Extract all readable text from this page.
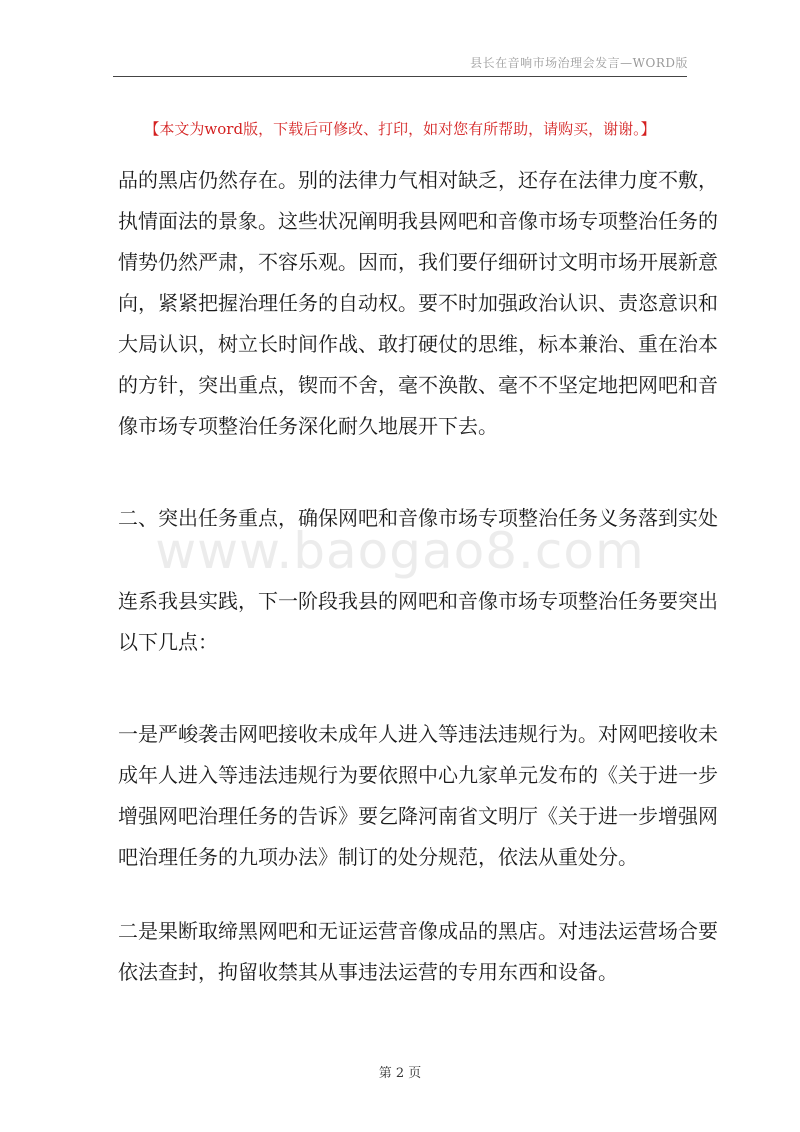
县长在音响市场治理会发言—WORD版
【本文为word版，下载后可修改、打印，如对您有所帮助，请购买，谢谢。】
www.baogao8.com

品的黑店仍然存在。别的法律力气相对缺乏，还存在法律力度不敷，

执情面法的景象。这些状况阐明我县网吧和音像市场专项整治任务的

情势仍然严肃，不容乐观。因而，我们要仔细研讨文明市场开展新意

向，紧紧把握治理任务的自动权。要不时加强政治认识、责恣意识和

大局认识，树立长时间作战、敢打硬仗的思维，标本兼治、重在治本

的方针，突出重点，锲而不舍，毫不涣散、毫不不坚定地把网吧和音

像市场专项整治任务深化耐久地展开下去。

二、突出任务重点，确保网吧和音像市场专项整治任务义务落到实处

连系我县实践，下一阶段我县的网吧和音像市场专项整治任务要突出

以下几点：

一是严峻袭击网吧接收未成年人进入等违法违规行为。对网吧接收未

成年人进入等违法违规行为要依照中心九家单元发布的《关于进一步

增强网吧治理任务的告诉》要乞降河南省文明厅《关于进一步增强网

吧治理任务的九项办法》制订的处分规范，依法从重处分。

二是果断取缔黑网吧和无证运营音像成品的黑店。对违法运营场合要

依法查封，拘留收禁其从事违法运营的专用东西和设备。

第 2 页
